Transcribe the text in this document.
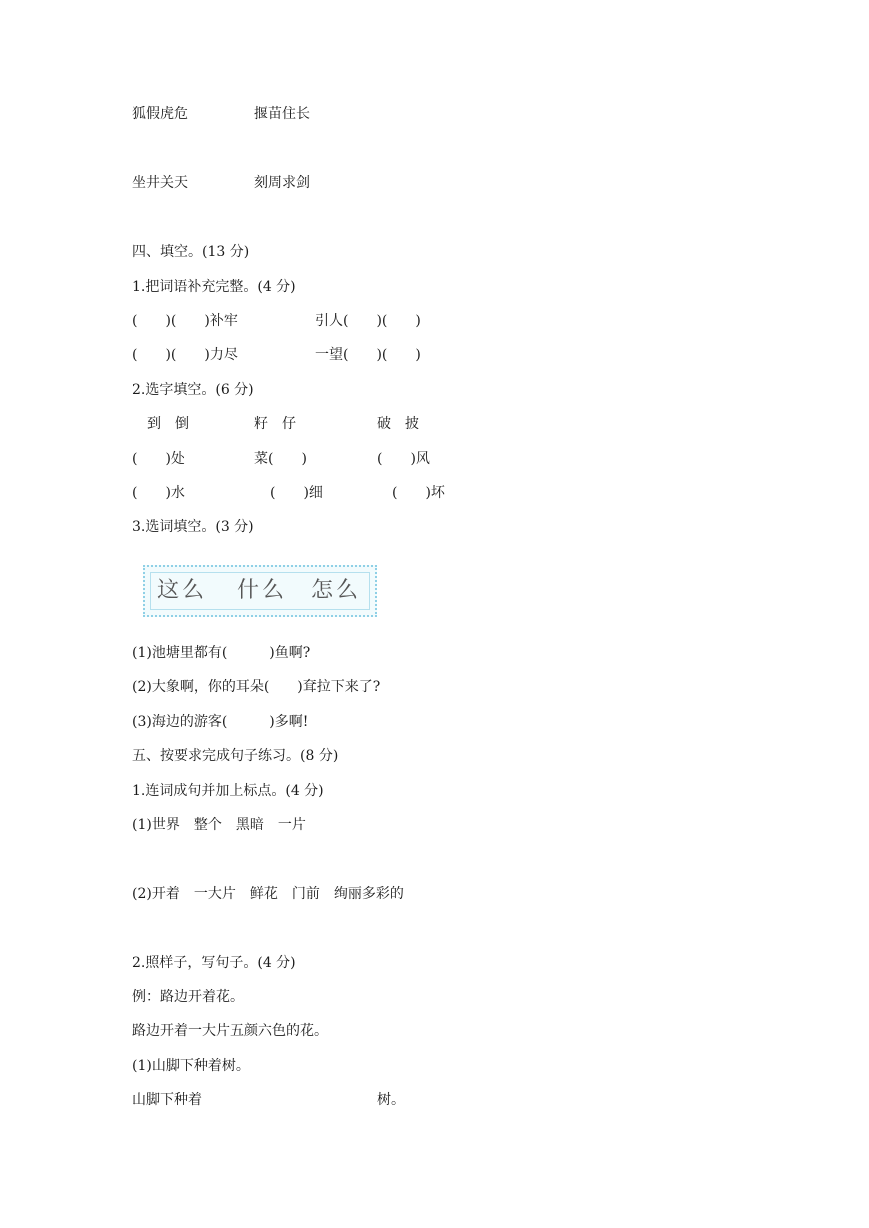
狐假虎危	揠苗住长
坐井关天	刻周求剑
四、填空。(13 分)
1.把词语补充完整。(4 分)
(　　)(　　)补牢	引人(　　)(　　)
(　　)(　　)力尽	一望(　　)(　　)
2.选字填空。(6 分)
到　倒	籽　仔	破　披
(　　)处	菜(　　)	(　　)风
(　　)水	(　　)细	(　　)坏
3.选词填空。(3 分)
这么 什么 怎么
(1)池塘里都有(　　　)鱼啊?
(2)大象啊，你的耳朵(　　)耷拉下来了?
(3)海边的游客(　　　)多啊!
五、按要求完成句子练习。(8 分)
1.连词成句并加上标点。(4 分)
(1)世界　整个　黑暗　一片
(2)开着　一大片　鲜花　门前　绚丽多彩的
2.照样子，写句子。(4 分)
例：路边开着花。
路边开着一大片五颜六色的花。
(1)山脚下种着树。
山脚下种着	树。
